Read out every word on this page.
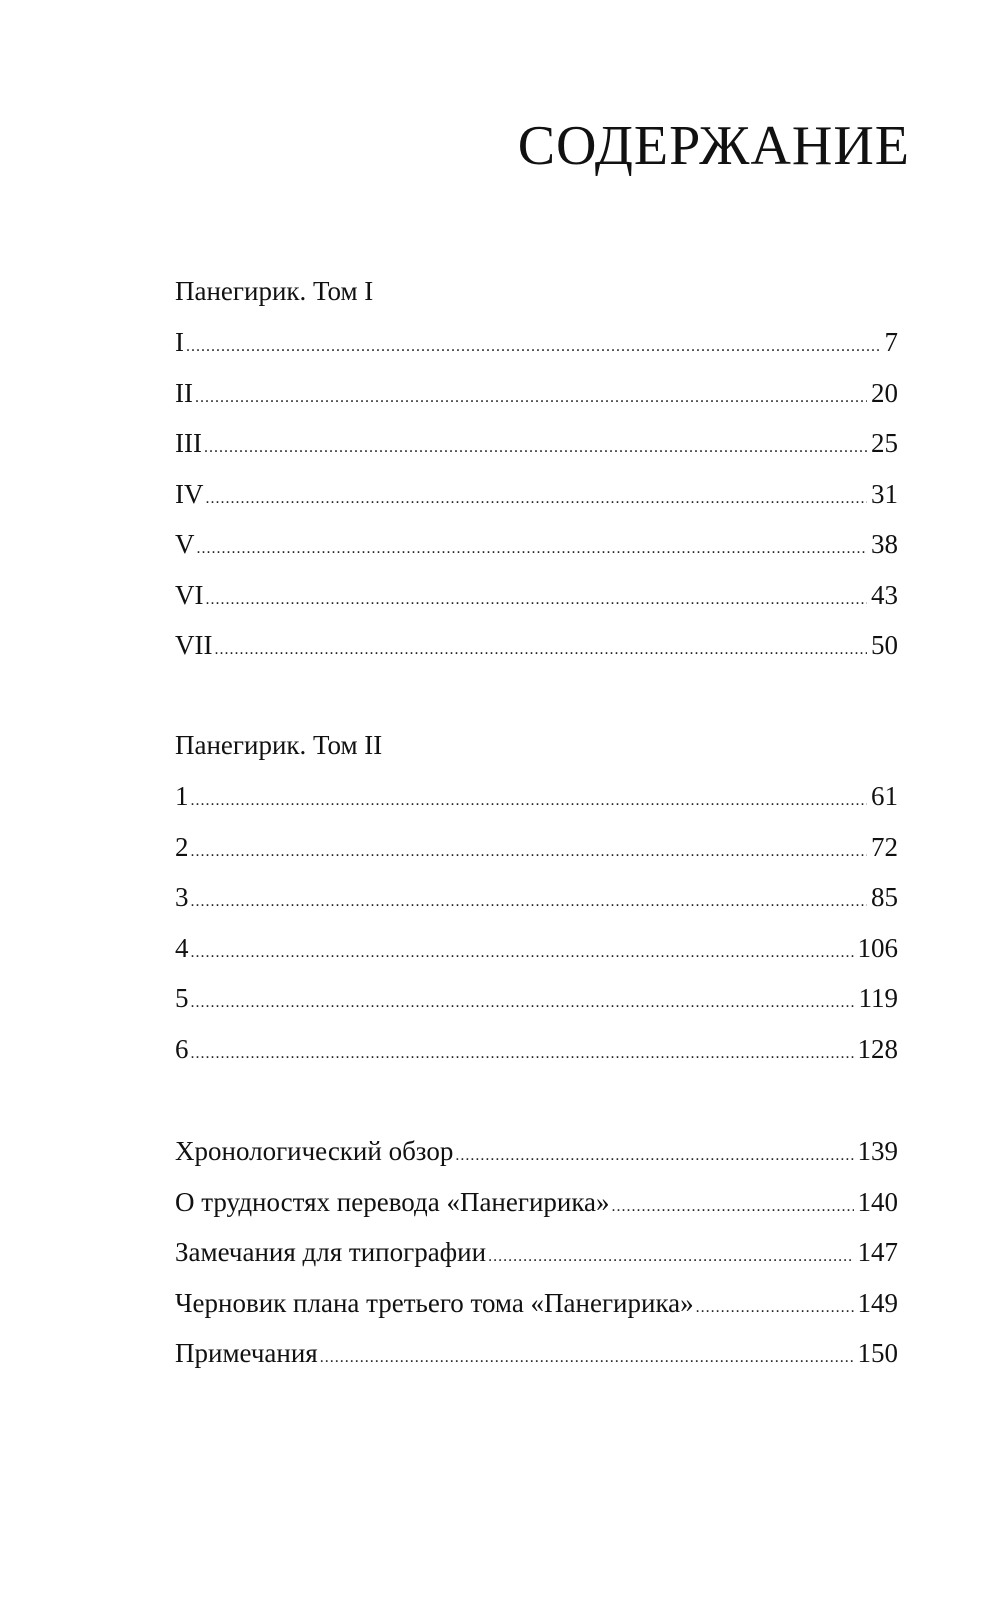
СОДЕРЖАНИЕ
Панегирик. Том I
I .....	7
II .....	20
III .....	25
IV .....	31
V .....	38
VI .....	43
VII .....	50
Панегирик. Том II
1 .....	61
2 .....	72
3 .....	85
4 .....	106
5 .....	119
6 .....	128
Хронологический обзор .....	139
О трудностях перевода «Панегирика» .....	140
Замечания для типографии .....	147
Черновик плана третьего тома «Панегирика» .....	149
Примечания .....	150
